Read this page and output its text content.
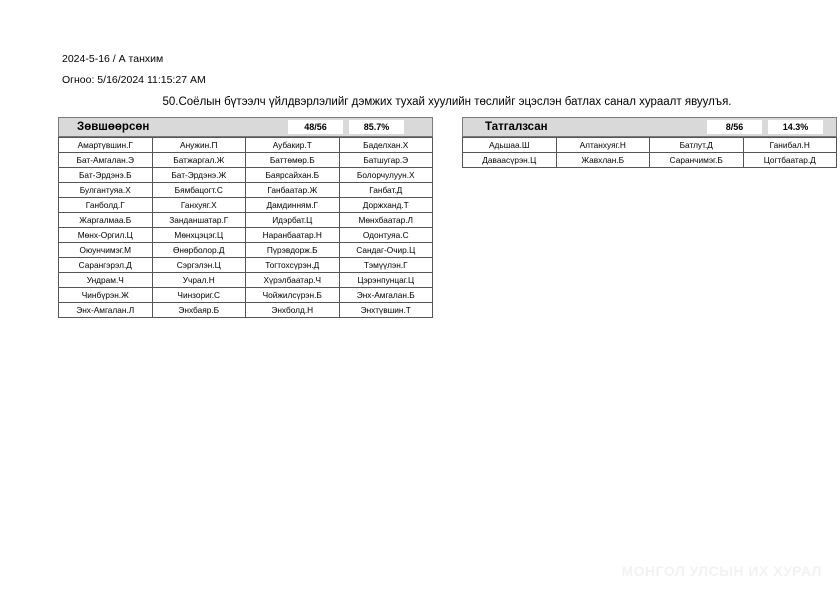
2024-5-16 / А танхим
Огноо: 5/16/2024 11:15:27 AM
50.Соёлын бүтээлч үйлдвэрлэлийг дэмжих тухай хуулийн төслийг эцэслэн батлах санал хураалт явуулъя.
Зөвшөөрсөн	48/56	85.7%
Амартүвшин.Г	Анужин.П	Аубакир.Т	Баделхан.Х
Бат-Амгалан.Э	Батжаргал.Ж	Баттөмөр.Б	Батшугар.Э
Бат-Эрдэнэ.Б	Бат-Эрдэнэ.Ж	Баярсайхан.Б	Болорчулуун.Х
Булгантуяа.Х	Бямбацогт.С	Ганбаатар.Ж	Ганбат.Д
Ганболд.Г	Ганхуяг.Х	Дамдинням.Г	Доржханд.Т
Жаргалмаа.Б	Занданшатар.Г	Идэрбат.Ц	Мөнхбаатар.Л
Мөнх-Оргил.Ц	Мөнхцэцэг.Ц	Наранбаатар.Н	Одонтуяа.С
Оюунчимэг.М	Өнөрболор.Д	Пүрэвдорж.Б	Сандаг-Очир.Ц
Сарангэрэл.Д	Сэргэлэн.Ц	Тогтохсүрэн.Д	Тэмүүлэн.Г
Ундрам.Ч	Учрал.Н	Хүрэлбаатар.Ч	Цэрэнпунцаг.Ц
Чинбүрэн.Ж	Чинзориг.С	Чойжилсүрэн.Б	Энх-Амгалан.Б
Энх-Амгалан.Л	Энхбаяр.Б	Энхболд.Н	Энхтүвшин.Т
Татгалзсан	8/56	14.3%
Адьшаа.Ш	Алтанхуяг.Н	Батлут.Д	Ганибал.Н
Даваасүрэн.Ц	Жавхлан.Б	Саранчимэг.Б	Цогтбаатар.Д
МОНГОЛ УЛСЫН ИХ ХУРАЛ
